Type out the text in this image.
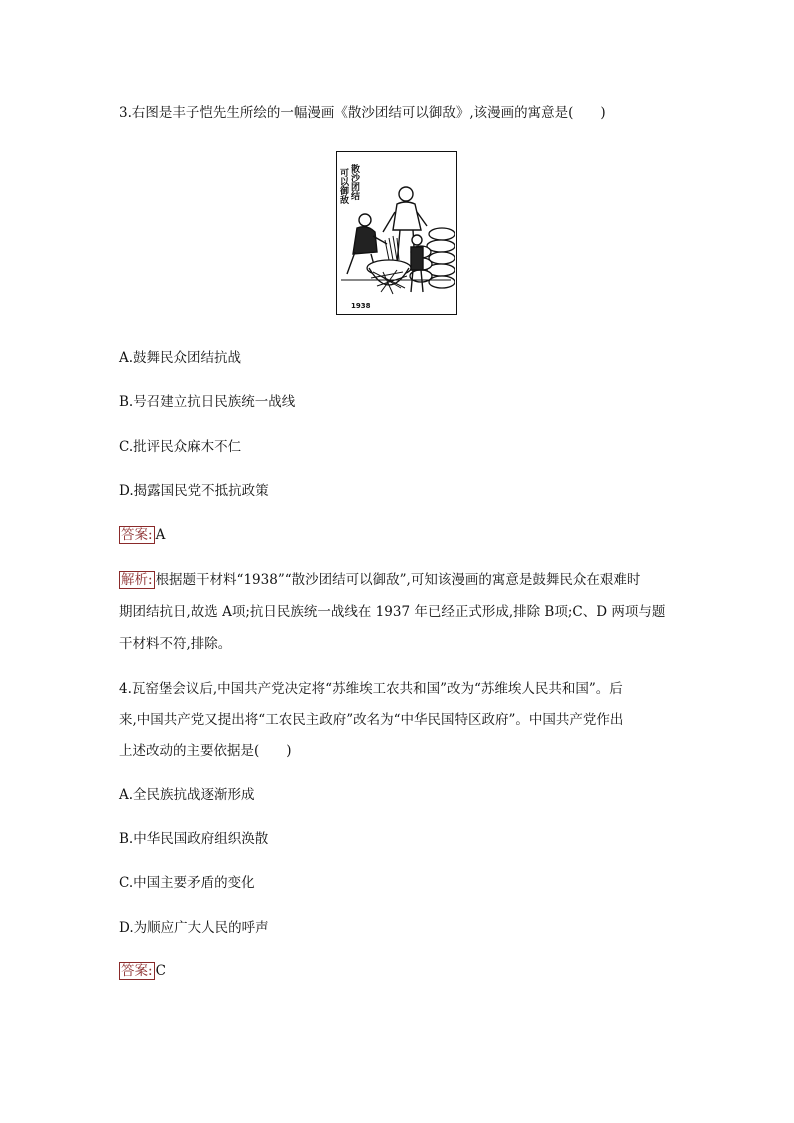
3.右图是丰子恺先生所绘的一幅漫画《散沙团结可以御敌》,该漫画的寓意是(　　)
散沙团结
可以御敌
1938
A.鼓舞民众团结抗战
B.号召建立抗日民族统一战线
C.批评民众麻木不仁
D.揭露国民党不抵抗政策
答案: A
解析: 根据题干材料“1938”“散沙团结可以御敌”,可知该漫画的寓意是鼓舞民众在艰难时
期团结抗日,故选 A项;抗日民族统一战线在 1937 年已经正式形成,排除 B项;C、D 两项与题
干材料不符,排除。
4.瓦窑堡会议后,中国共产党决定将“苏维埃工农共和国”改为“苏维埃人民共和国”。后
来,中国共产党又提出将“工农民主政府”改名为“中华民国特区政府”。中国共产党作出
上述改动的主要依据是(　　)
A.全民族抗战逐渐形成
B.中华民国政府组织涣散
C.中国主要矛盾的变化
D.为顺应广大人民的呼声
答案: C
